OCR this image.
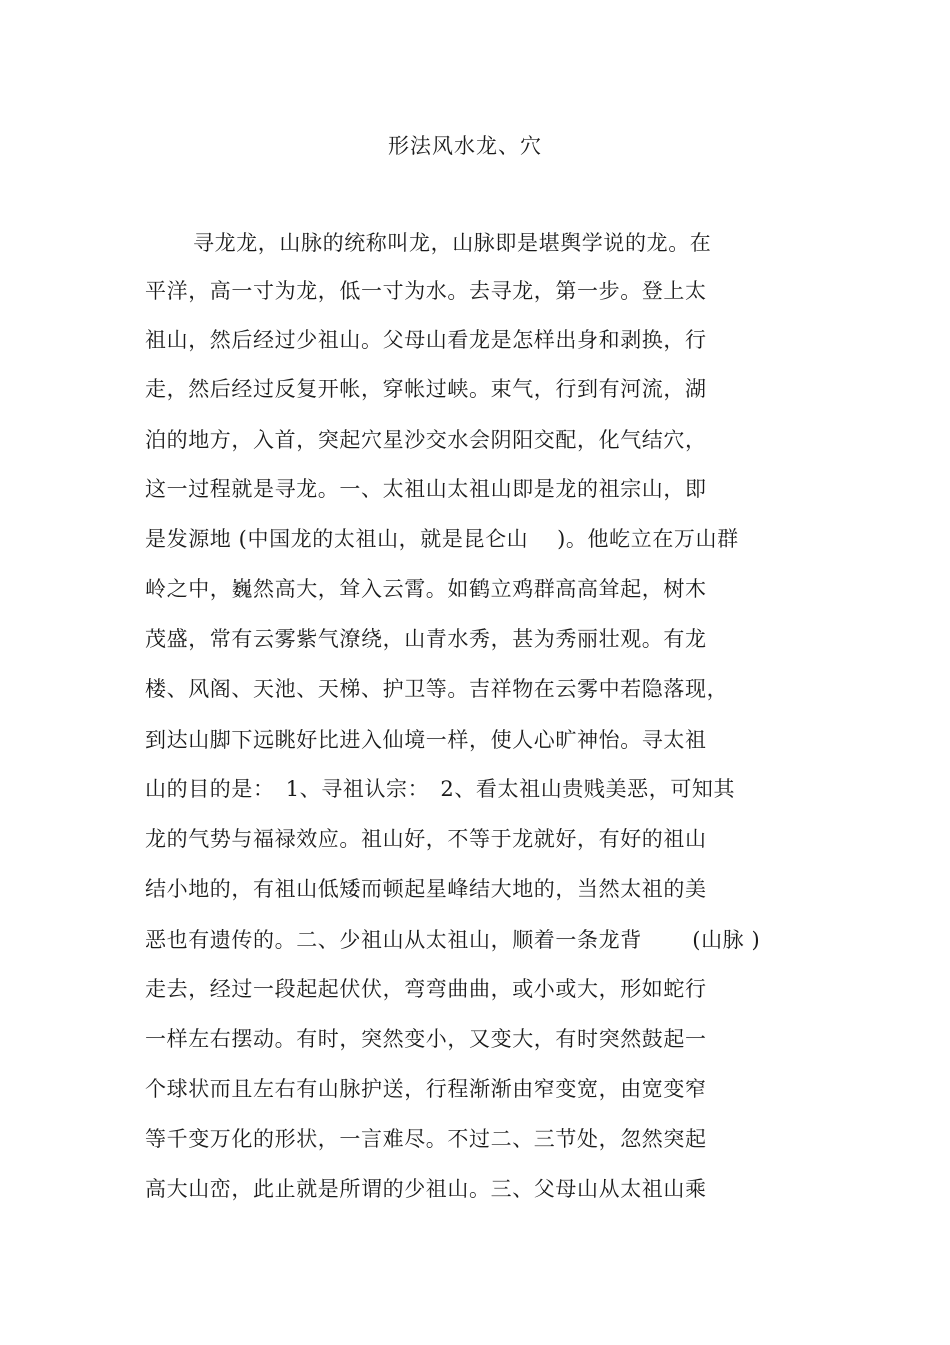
形法风水龙、穴
寻龙龙，山脉的统称叫龙，山脉即是堪舆学说的龙。在
平洋，高一寸为龙，低一寸为水。去寻龙，第一步。登上太
祖山，然后经过少祖山。父母山看龙是怎样出身和剥换，行
走，然后经过反复开帐，穿帐过峡。束气，行到有河流，湖
泊的地方，入首，突起穴星沙交水会阴阳交配，化气结穴，
这一过程就是寻龙。一、太祖山太祖山即是龙的祖宗山，即
是发源地 (中国龙的太祖山，就是昆仑山　 )。他屹立在万山群
岭之中，巍然高大，耸入云霄。如鹤立鸡群高高耸起，树木
茂盛，常有云雾紫气潦绕，山青水秀，甚为秀丽壮观。有龙
楼、风阁、天池、天梯、护卫等。吉祥物在云雾中若隐落现，
到达山脚下远眺好比进入仙境一样，使人心旷神怡。寻太祖
山的目的是：　1、寻祖认宗：　2、看太祖山贵贱美恶，可知其
龙的气势与福禄效应。祖山好，不等于龙就好，有好的祖山
结小地的，有祖山低矮而顿起星峰结大地的，当然太祖的美
恶也有遗传的。二、少祖山从太祖山，顺着一条龙背　　 (山脉 )
走去，经过一段起起伏伏，弯弯曲曲，或小或大，形如蛇行
一样左右摆动。有时，突然变小，又变大，有时突然鼓起一
个球状而且左右有山脉护送，行程渐渐由窄变宽，由宽变窄
等千变万化的形状，一言难尽。不过二、三节处，忽然突起
高大山峦，此止就是所谓的少祖山。三、父母山从太祖山乘
